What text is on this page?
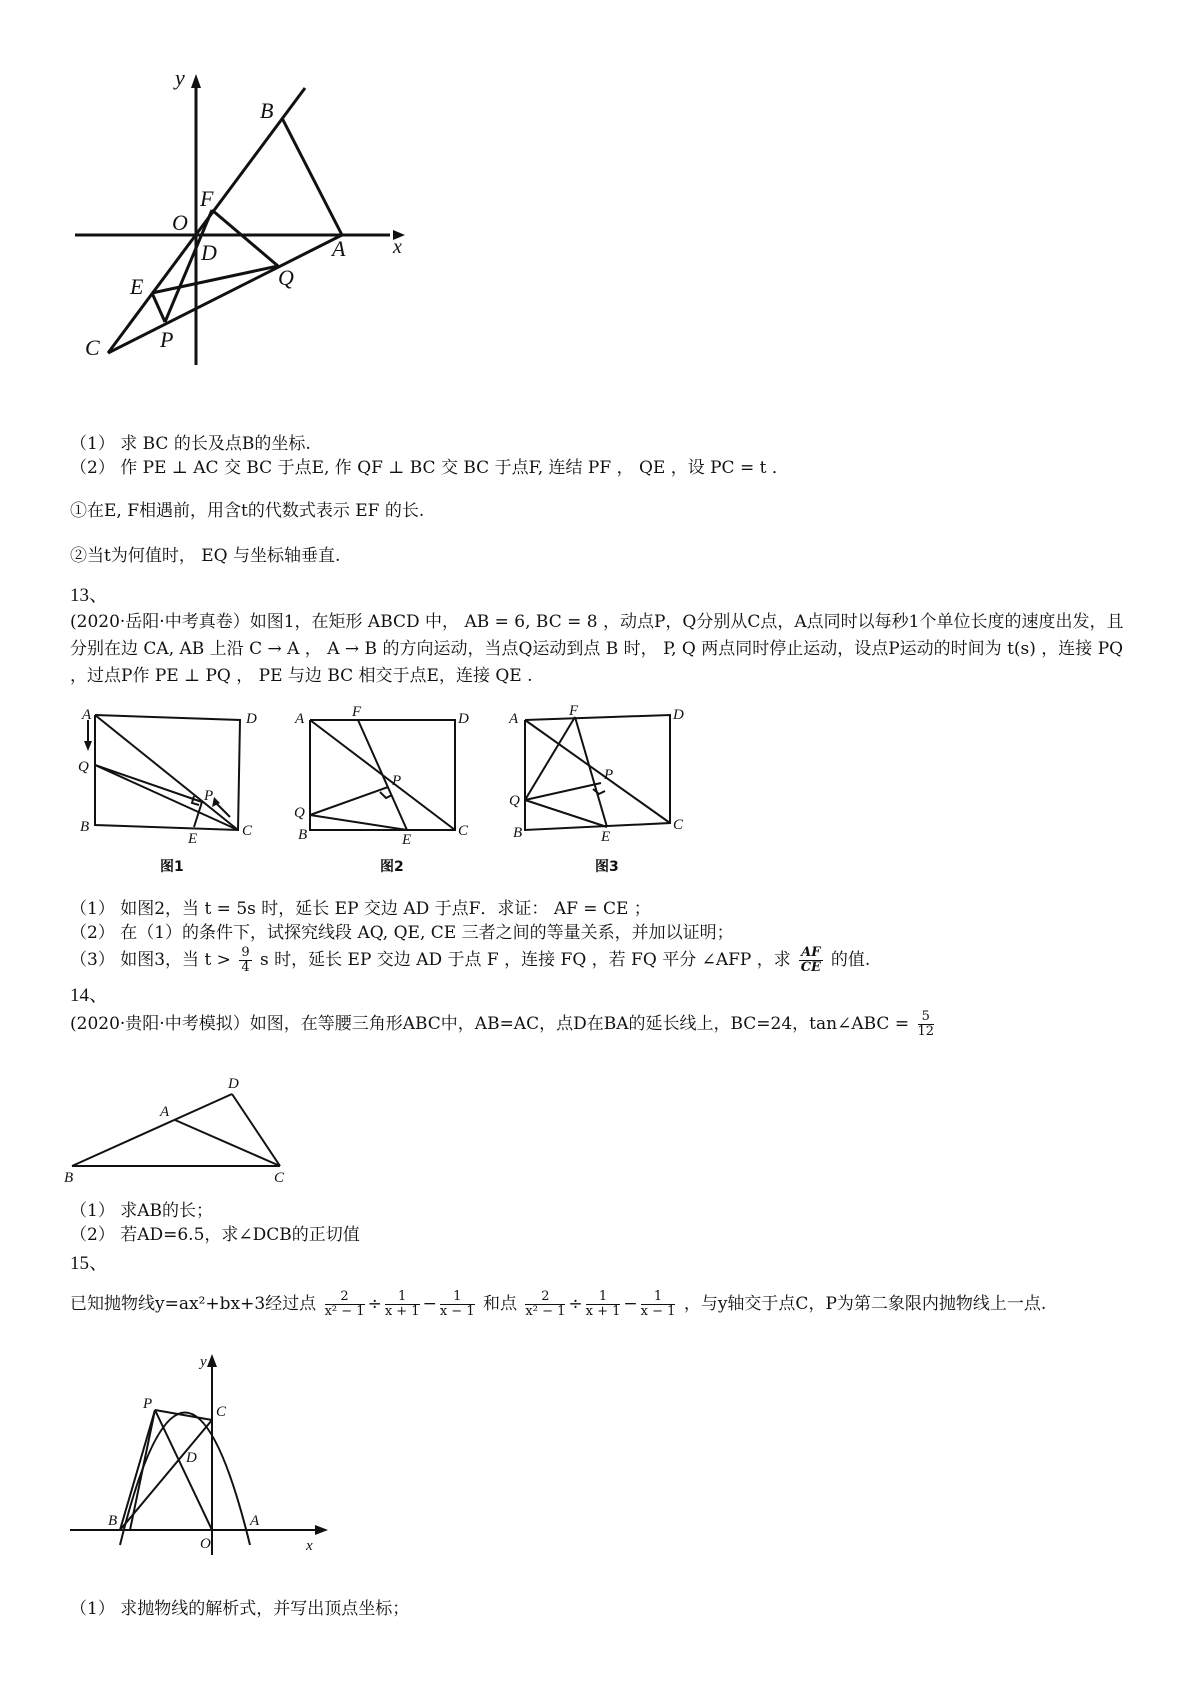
y
x
B
F
O
D	A
Q
E
C	P
（1） 求 BC 的长及点B的坐标.
（2） 作 PE ⊥ AC 交 BC 于点E, 作 QF ⊥ BC 交 BC 于点F, 连结 PF ， QE ，设 PC = t ．
①在E, F相遇前，用含t的代数式表示 EF 的长.
②当t为何值时， EQ 与坐标轴垂直.
13、
(2020·岳阳·中考真卷）如图1，在矩形 ABCD 中， AB = 6, BC = 8 ，动点P，Q分别从C点，A点同时以每秒1个单位长度的速度出发，且分别在边 CA, AB 上沿 C → A ， A → B 的方向运动，当点Q运动到点 B 时， P, Q 两点同时停止运动，设点P运动的时间为 t(s) ，连接 PQ ，过点P作 PE ⊥ PQ ， PE 与边 BC 相交于点E，连接 QE .
A	D
Q
P
B
E	C
图1
A	F	D
P
Q
B	E
C
图2
A	F	D
P
Q
B	E
C
图3
（1） 如图2，当 t = 5s 时，延长 EP 交边 AD 于点F．求证： AF = CE ；
（2） 在（1）的条件下，试探究线段 AQ, QE, CE 三者之间的等量关系，并加以证明；
（3） 如图3，当 $t > \frac{9}{4}$ s 时，延长 EP 交边 AD 于点 F ，连接 FQ ，若 FQ 平分 ∠AFP ，求 $\frac{AF}{CE}$ 的值.
14、
(2020·贵阳·中考模拟）如图，在等腰三角形ABC中，AB=AC，点D在BA的延长线上，BC=24，tan∠ABC = $\frac{5}{12}$
A
D
B	C
（1） 求AB的长；
（2） 若AD=6.5，求∠DCB的正切值
15、
已知抛物线y=ax²+bx+3经过点 $\frac{2}{\text{x² − 1}} \div \frac{1}{x + 1} - \frac{1}{x - 1}$ 和点 $\frac{2}{\text{x² − 1}} \div \frac{1}{x + 1} - \frac{1}{x - 1}$ ，与y轴交于点C，P为第二象限内抛物线上一点.
y
x
P	C
D
B	A
O
（1） 求抛物线的解析式，并写出顶点坐标；
